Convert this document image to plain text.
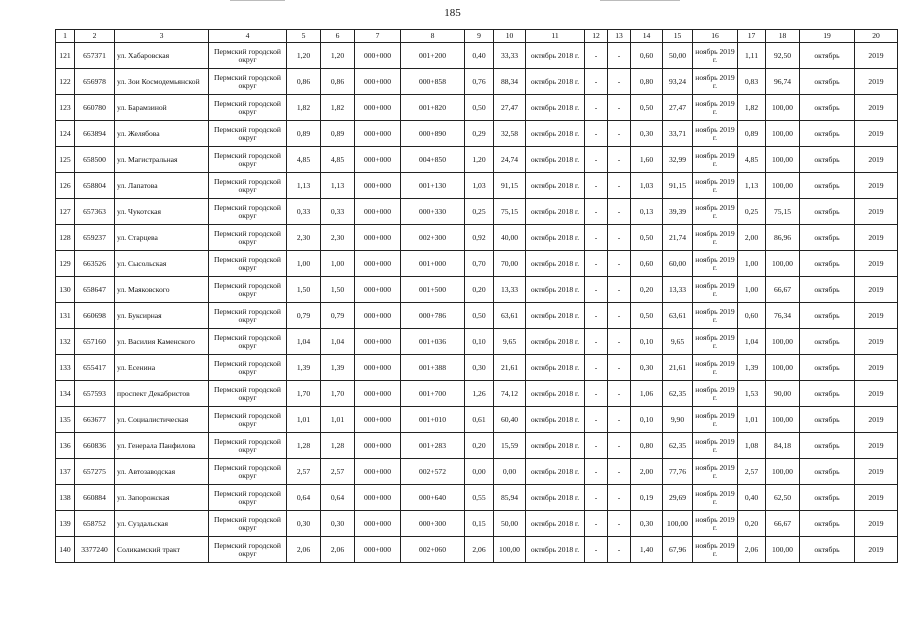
185
1	2	3	4	5	6	7	8	9	10	11	12	13	14	15	16	17	18	19	20
121	657371	ул. Хабаровская	Пермский городской округ	1,20	1,20	000+000	001+200	0,40	33,33	октябрь 2018 г.	-	-	0,60	50,00	ноябрь 2019 г.	1,11	92,50	октябрь	2019
122	656978	ул. Зои Космодемьянской	Пермский городской округ	0,86	0,86	000+000	000+858	0,76	88,34	октябрь 2018 г.	-	-	0,80	93,24	ноябрь 2019 г.	0,83	96,74	октябрь	2019
123	660780	ул. Барамзиной	Пермский городской округ	1,82	1,82	000+000	001+820	0,50	27,47	октябрь 2018 г.	-	-	0,50	27,47	ноябрь 2019 г.	1,82	100,00	октябрь	2019
124	663894	ул. Желябова	Пермский городской округ	0,89	0,89	000+000	000+890	0,29	32,58	октябрь 2018 г.	-	-	0,30	33,71	ноябрь 2019 г.	0,89	100,00	октябрь	2019
125	658500	ул. Магистральная	Пермский городской округ	4,85	4,85	000+000	004+850	1,20	24,74	октябрь 2018 г.	-	-	1,60	32,99	ноябрь 2019 г.	4,85	100,00	октябрь	2019
126	658804	ул. Лапатова	Пермский городской округ	1,13	1,13	000+000	001+130	1,03	91,15	октябрь 2018 г.	-	-	1,03	91,15	ноябрь 2019 г.	1,13	100,00	октябрь	2019
127	657363	ул. Чукотская	Пермский городской округ	0,33	0,33	000+000	000+330	0,25	75,15	октябрь 2018 г.	-	-	0,13	39,39	ноябрь 2019 г.	0,25	75,15	октябрь	2019
128	659237	ул. Старцева	Пермский городской округ	2,30	2,30	000+000	002+300	0,92	40,00	октябрь 2018 г.	-	-	0,50	21,74	ноябрь 2019 г.	2,00	86,96	октябрь	2019
129	663526	ул. Сысольская	Пермский городской округ	1,00	1,00	000+000	001+000	0,70	70,00	октябрь 2018 г.	-	-	0,60	60,00	ноябрь 2019 г.	1,00	100,00	октябрь	2019
130	658647	ул. Маяковского	Пермский городской округ	1,50	1,50	000+000	001+500	0,20	13,33	октябрь 2018 г.	-	-	0,20	13,33	ноябрь 2019 г.	1,00	66,67	октябрь	2019
131	660698	ул. Буксирная	Пермский городской округ	0,79	0,79	000+000	000+786	0,50	63,61	октябрь 2018 г.	-	-	0,50	63,61	ноябрь 2019 г.	0,60	76,34	октябрь	2019
132	657160	ул. Василия Каменского	Пермский городской округ	1,04	1,04	000+000	001+036	0,10	9,65	октябрь 2018 г.	-	-	0,10	9,65	ноябрь 2019 г.	1,04	100,00	октябрь	2019
133	655417	ул. Есенина	Пермский городской округ	1,39	1,39	000+000	001+388	0,30	21,61	октябрь 2018 г.	-	-	0,30	21,61	ноябрь 2019 г.	1,39	100,00	октябрь	2019
134	657593	проспект Декабристов	Пермский городской округ	1,70	1,70	000+000	001+700	1,26	74,12	октябрь 2018 г.	-	-	1,06	62,35	ноябрь 2019 г.	1,53	90,00	октябрь	2019
135	663677	ул. Социалистическая	Пермский городской округ	1,01	1,01	000+000	001+010	0,61	60,40	октябрь 2018 г.	-	-	0,10	9,90	ноябрь 2019 г.	1,01	100,00	октябрь	2019
136	660836	ул. Генерала Панфилова	Пермский городской округ	1,28	1,28	000+000	001+283	0,20	15,59	октябрь 2018 г.	-	-	0,80	62,35	ноябрь 2019 г.	1,08	84,18	октябрь	2019
137	657275	ул. Автозаводская	Пермский городской округ	2,57	2,57	000+000	002+572	0,00	0,00	октябрь 2018 г.	-	-	2,00	77,76	ноябрь 2019 г.	2,57	100,00	октябрь	2019
138	660884	ул. Запорожская	Пермский городской округ	0,64	0,64	000+000	000+640	0,55	85,94	октябрь 2018 г.	-	-	0,19	29,69	ноябрь 2019 г.	0,40	62,50	октябрь	2019
139	658752	ул. Суздальская	Пермский городской округ	0,30	0,30	000+000	000+300	0,15	50,00	октябрь 2018 г.	-	-	0,30	100,00	ноябрь 2019 г.	0,20	66,67	октябрь	2019
140	3377240	Соликамский тракт	Пермский городской округ	2,06	2,06	000+000	002+060	2,06	100,00	октябрь 2018 г.	-	-	1,40	67,96	ноябрь 2019 г.	2,06	100,00	октябрь	2019
